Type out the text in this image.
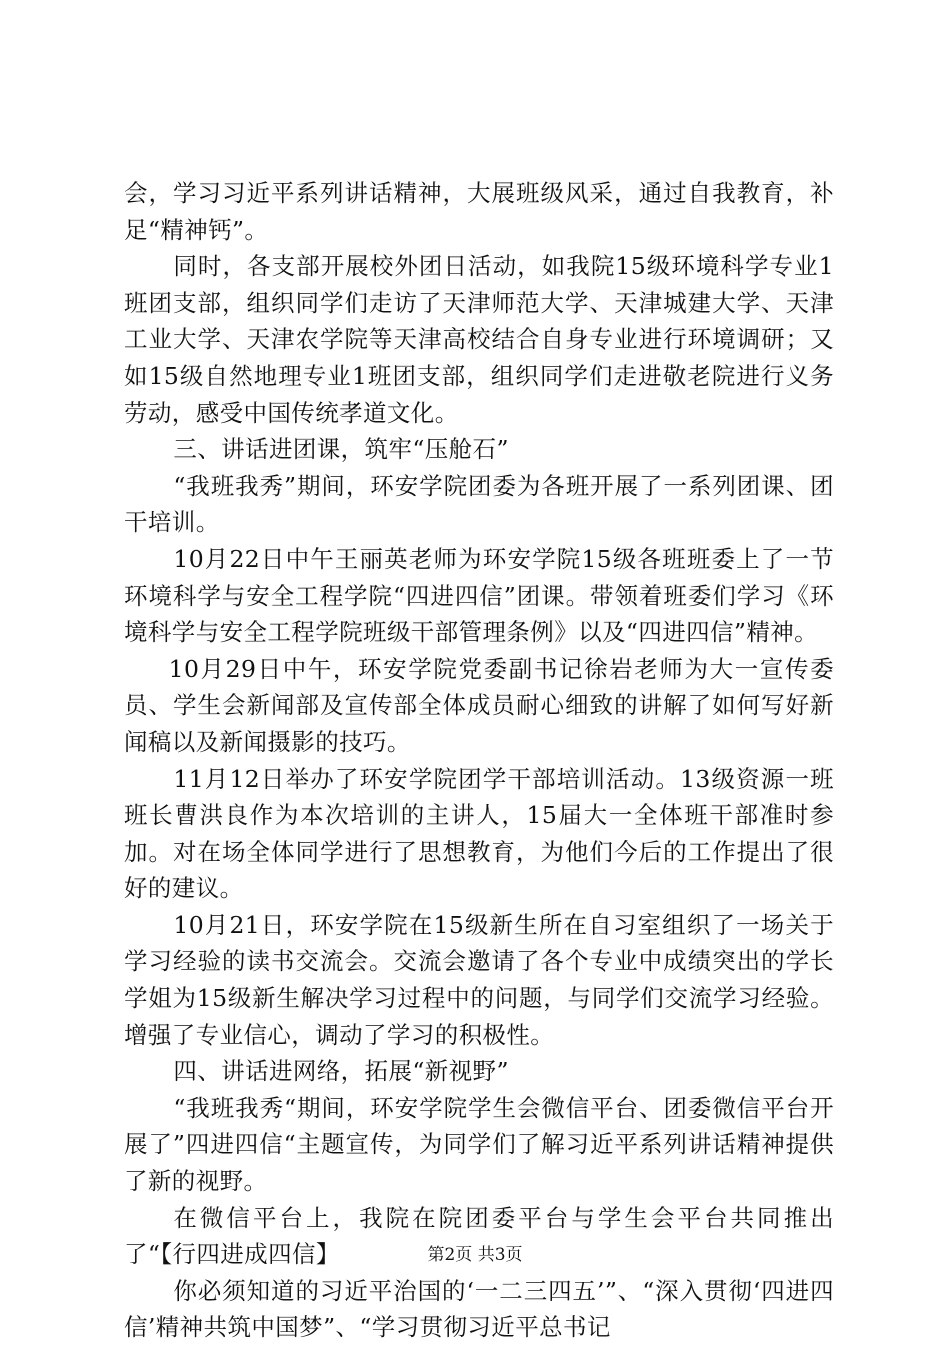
会，学习习近平系列讲话精神，大展班级风采，通过自我教育，补足“精神钙”。

同时，各支部开展校外团日活动，如我院15级环境科学专业1班团支部，组织同学们走访了天津师范大学、天津城建大学、天津工业大学、天津农学院等天津高校结合自身专业进行环境调研；又如15级自然地理专业1班团支部，组织同学们走进敬老院进行义务劳动，感受中国传统孝道文化。

三、讲话进团课，筑牢“压舱石”

“我班我秀”期间，环安学院团委为各班开展了一系列团课、团干培训。

10月22日中午王丽英老师为环安学院15级各班班委上了一节环境科学与安全工程学院“四进四信”团课。带领着班委们学习《环境科学与安全工程学院班级干部管理条例》以及“四进四信”精神。

10月29日中午，环安学院党委副书记徐岩老师为大一宣传委员、学生会新闻部及宣传部全体成员耐心细致的讲解了如何写好新闻稿以及新闻摄影的技巧。

11月12日举办了环安学院团学干部培训活动。13级资源一班班长曹洪良作为本次培训的主讲人，15届大一全体班干部准时参加。对在场全体同学进行了思想教育，为他们今后的工作提出了很好的建议。

10月21日，环安学院在15级新生所在自习室组织了一场关于学习经验的读书交流会。交流会邀请了各个专业中成绩突出的学长学姐为15级新生解决学习过程中的问题，与同学们交流学习经验。增强了专业信心，调动了学习的积极性。

四、讲话进网络，拓展“新视野”

“我班我秀“期间，环安学院学生会微信平台、团委微信平台开展了”四进四信“主题宣传，为同学们了解习近平系列讲话精神提供了新的视野。

在微信平台上，我院在院团委平台与学生会平台共同推出了“【行四进成四信】

你必须知道的习近平治国的‘一二三四五’”、“深入贯彻‘四进四信’精神共筑中国梦”、“学习贯彻习近平总书记

第2页 共3页
